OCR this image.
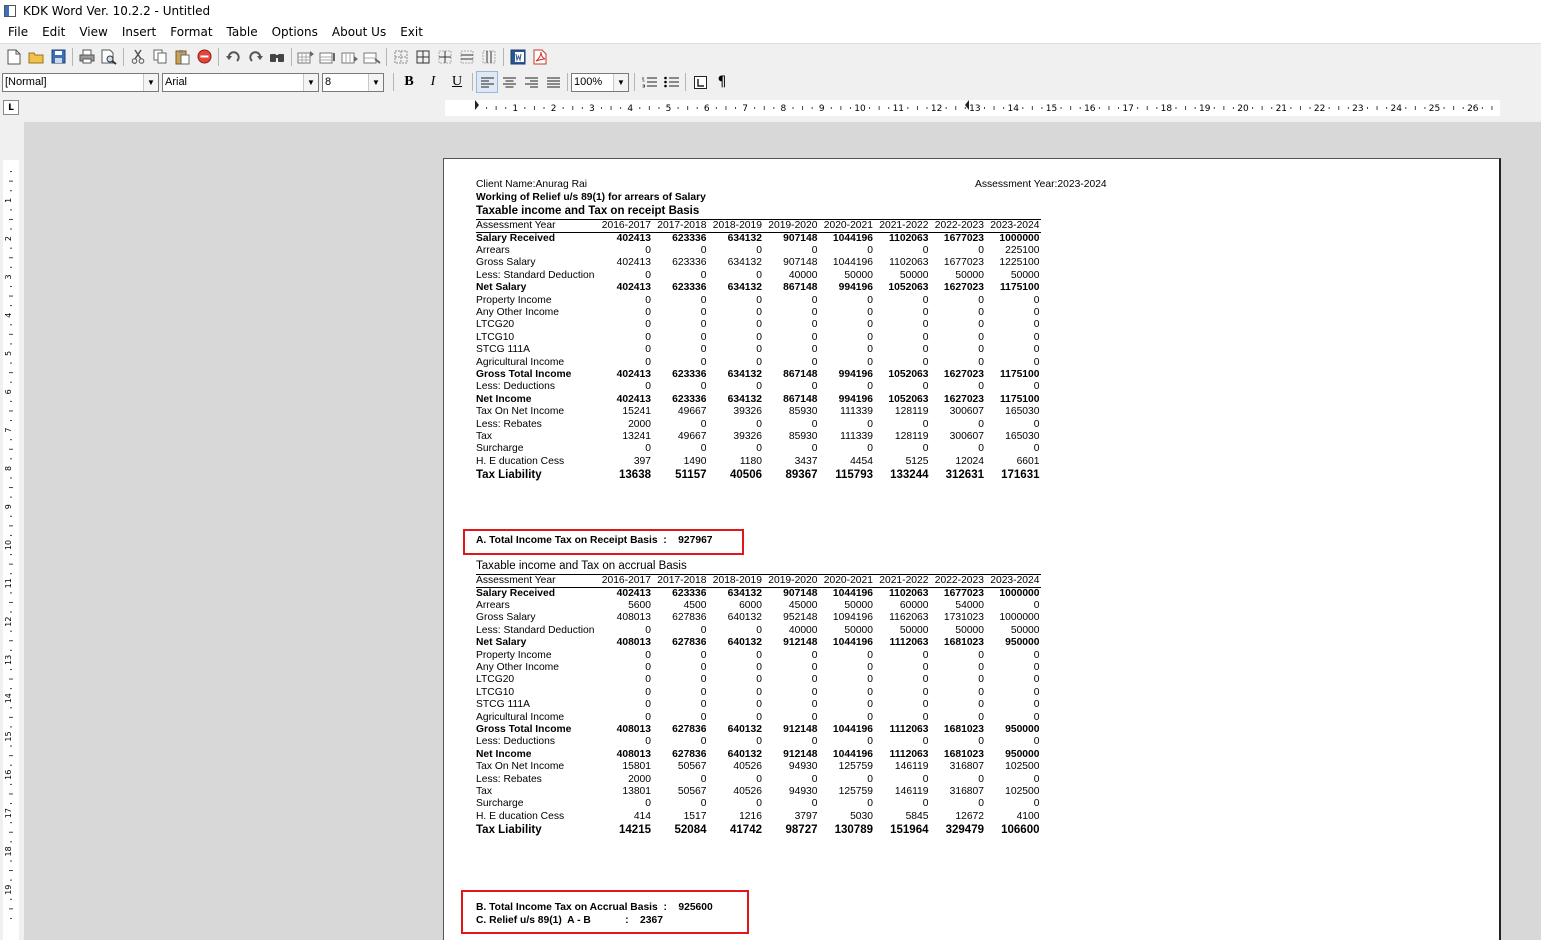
KDK Word Ver. 10.2.2 - Untitled
File	Edit	View	Insert	Format	Table	Options	About Us	Exit
[Normal]	▼ Arial	▼ 8	▼	B	I	U	100%	▼	¶
L	1	2	3	4	5	6	7	8	9	10	11	12	13	14	15	16	17	18	19	20	21	22	23	24	25	26
1
2
3
4
5
6
7
8
9
10
11
12
13
14
15
16
17
18
19
Client Name:Anurag Rai	Assessment Year:2023-2024
Working of Relief u/s 89(1) for arrears of Salary
Taxable income and Tax on receipt Basis
Assessment Year	2016-2017	2017-2018	2018-2019	2019-2020	2020-2021	2021-2022	2022-2023	2023-2024
Salary Received	402413	623336	634132	907148	1044196	1102063	1677023	1000000
Arrears	0	0	0	0	0	0	0	225100
Gross Salary	402413	623336	634132	907148	1044196	1102063	1677023	1225100
Less: Standard Deduction	0	0	0	40000	50000	50000	50000	50000
Net Salary	402413	623336	634132	867148	994196	1052063	1627023	1175100
Property Income	0	0	0	0	0	0	0	0
Any Other Income	0	0	0	0	0	0	0	0
LTCG20	0	0	0	0	0	0	0	0
LTCG10	0	0	0	0	0	0	0	0
STCG 111A	0	0	0	0	0	0	0	0
Agricultural Income	0	0	0	0	0	0	0	0
Gross Total Income	402413	623336	634132	867148	994196	1052063	1627023	1175100
Less: Deductions	0	0	0	0	0	0	0	0
Net Income	402413	623336	634132	867148	994196	1052063	1627023	1175100
Tax On Net Income	15241	49667	39326	85930	111339	128119	300607	165030
Less: Rebates	2000	0	0	0	0	0	0	0
Tax	13241	49667	39326	85930	111339	128119	300607	165030
Surcharge	0	0	0	0	0	0	0	0
H. E ducation Cess	397	1490	1180	3437	4454	5125	12024	6601
Tax Liability	13638	51157	40506	89367	115793	133244	312631	171631
A. Total Income Tax on Receipt Basis  :    927967
Taxable income and Tax on accrual Basis
Assessment Year	2016-2017	2017-2018	2018-2019	2019-2020	2020-2021	2021-2022	2022-2023	2023-2024
Salary Received	402413	623336	634132	907148	1044196	1102063	1677023	1000000
Arrears	5600	4500	6000	45000	50000	60000	54000	0
Gross Salary	408013	627836	640132	952148	1094196	1162063	1731023	1000000
Less: Standard Deduction	0	0	0	40000	50000	50000	50000	50000
Net Salary	408013	627836	640132	912148	1044196	1112063	1681023	950000
Property Income	0	0	0	0	0	0	0	0
Any Other Income	0	0	0	0	0	0	0	0
LTCG20	0	0	0	0	0	0	0	0
LTCG10	0	0	0	0	0	0	0	0
STCG 111A	0	0	0	0	0	0	0	0
Agricultural Income	0	0	0	0	0	0	0	0
Gross Total Income	408013	627836	640132	912148	1044196	1112063	1681023	950000
Less: Deductions	0	0	0	0	0	0	0	0
Net Income	408013	627836	640132	912148	1044196	1112063	1681023	950000
Tax On Net Income	15801	50567	40526	94930	125759	146119	316807	102500
Less: Rebates	2000	0	0	0	0	0	0	0
Tax	13801	50567	40526	94930	125759	146119	316807	102500
Surcharge	0	0	0	0	0	0	0	0
H. E ducation Cess	414	1517	1216	3797	5030	5845	12672	4100
Tax Liability	14215	52084	41742	98727	130789	151964	329479	106600
B. Total Income Tax on Accrual Basis  :    925600
C. Relief u/s 89(1)  A - B            :    2367
